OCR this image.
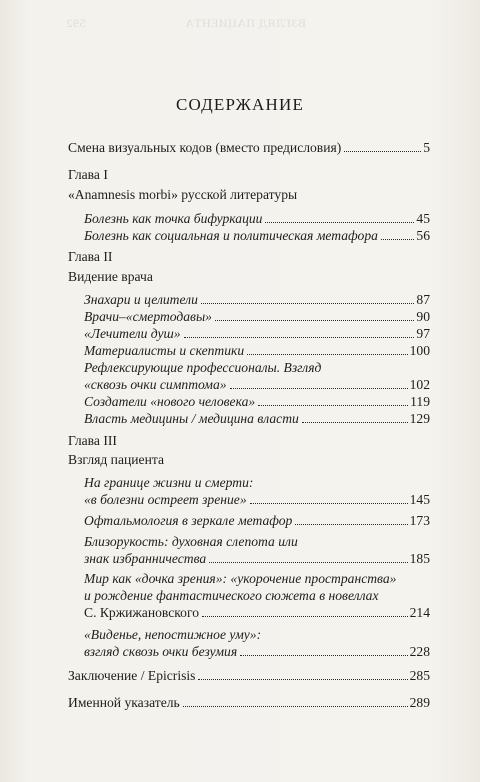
592	ВЗГЛЯД ПАЦИЕНТА
СОДЕРЖАНИЕ
Смена визуальных кодов (вместо предисловия)	5
Глава I
«Anamnesis morbi» русской литературы
Болезнь как точка бифуркации	45
Болезнь как социальная и политическая метафора	56
Глава II
Видение врача
Знахари и целители	87
Врачи–«смертодавы»	90
«Лечители душ»	97
Материалисты и скептики	100
Рефлексирующие профессионалы. Взгляд
«сквозь очки симптома»	102
Создатели «нового человека»	119
Власть медицины / медицина власти	129
Глава III
Взгляд пациента
На границе жизни и смерти:
«в болезни остреет зрение»	145
Офтальмология в зеркале метафор	173
Близорукость: духовная слепота или
знак избранничества	185
Мир как «дочка зрения»: «укорочение пространства»
и рождение фантастического сюжета в новеллах
С. Кржижановского	214
«Виденье, непостижное уму»:
взгляд сквозь очки безумия	228
Заключение / Epicrisis	285
Именной указатель	289
